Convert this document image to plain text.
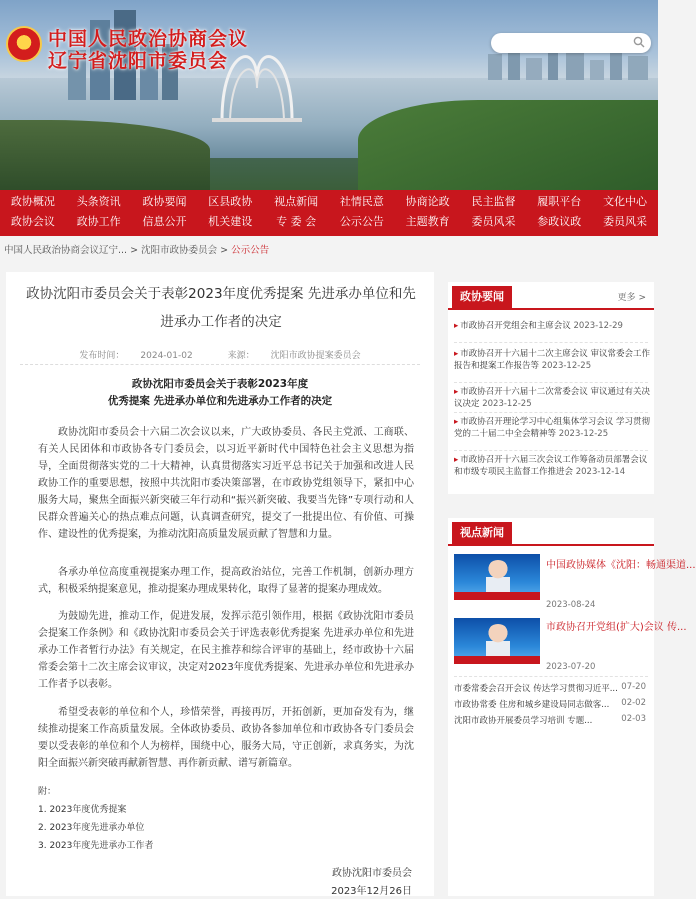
中国人民政治协商会议
辽宁省沈阳市委员会
政协概况	头条资讯	政协要闻	区县政协	视点新闻	社情民意	协商论政	民主监督	履职平台	文化中心
政协会议	政协工作	信息公开	机关建设	专 委 会	公示公告	主题教育	委员风采	参政议政	委员风采
中国人民政治协商会议辽宁... > 沈阳市政协委员会 > 公示公告
政协沈阳市委员会关于表彰2023年度优秀提案 先进承办单位和先进承办工作者的决定
发布时间： 2024-01-02	来源： 沈阳市政协提案委员会
政协沈阳市委员会关于表彰2023年度
优秀提案 先进承办单位和先进承办工作者的决定
政协沈阳市委员会十六届二次会议以来，广大政协委员、各民主党派、工商联、有关人民团体和市政协各专门委员会，以习近平新时代中国特色社会主义思想为指导，全面贯彻落实党的二十大精神，认真贯彻落实习近平总书记关于加强和改进人民政协工作的重要思想，按照中共沈阳市委决策部署，在市政协党组领导下，紧扣中心服务大局，聚焦全面振兴新突破三年行动和“振兴新突破、我要当先锋”专项行动和人民群众普遍关心的热点难点问题，认真调查研究，提交了一批提出位、有价值、可操作、建设性的优秀提案，为推动沈阳高质量发展贡献了智慧和力量。
各承办单位高度重视提案办理工作，提高政治站位，完善工作机制，创新办理方式，积极采纳提案意见，推动提案办理成果转化，取得了显著的提案办理成效。
为鼓励先进，推动工作，促进发展，发挥示范引领作用，根据《政协沈阳市委员会提案工作条例》和《政协沈阳市委员会关于评选表彰优秀提案 先进承办单位和先进承办工作者暂行办法》有关规定，在民主推荐和综合评审的基础上，经市政协十六届常委会第十二次主席会议审议，决定对2023年度优秀提案、先进承办单位和先进承办工作者予以表彰。
希望受表彰的单位和个人，珍惜荣誉，再接再厉，开拓创新，更加奋发有为，继续推动提案工作高质量发展。全体政协委员、政协各参加单位和市政协各专门委员会要以受表彰的单位和个人为榜样，围绕中心，服务大局，守正创新，求真务实，为沈阳全面振兴新突破再献新智慧、再作新贡献、谱写新篇章。
附：
1. 2023年度优秀提案
2. 2023年度先进承办单位
3. 2023年度先进承办工作者
政协沈阳市委员会
2023年12月26日
政协要闻	更多 >
▸ 市政协召开党组会和主席会议 2023-12-29
▸ 市政协召开十六届十二次主席会议 审议常委会工作报告和提案工作报告等 2023-12-25
▸ 市政协召开十六届十二次常委会议 审议通过有关决议决定 2023-12-25
▸ 市政协召开理论学习中心组集体学习会议 学习贯彻党的二十届二中全会精神等 2023-12-25
▸ 市政协召开十六届三次会议工作筹备动员部署会议和市级专项民主监督工作推进会 2023-12-14
视点新闻
中国政协媒体《沈阳：畅通渠道...
2023-08-24
市政协召开党组(扩大)会议 传...
2023-07-20
市委常委会召开会议 传达学习贯彻习近平... 07-20
市政协常委 住房和城乡建设局同志做客... 02-02
沈阳市政协开展委员学习培训 专题...	02-03
